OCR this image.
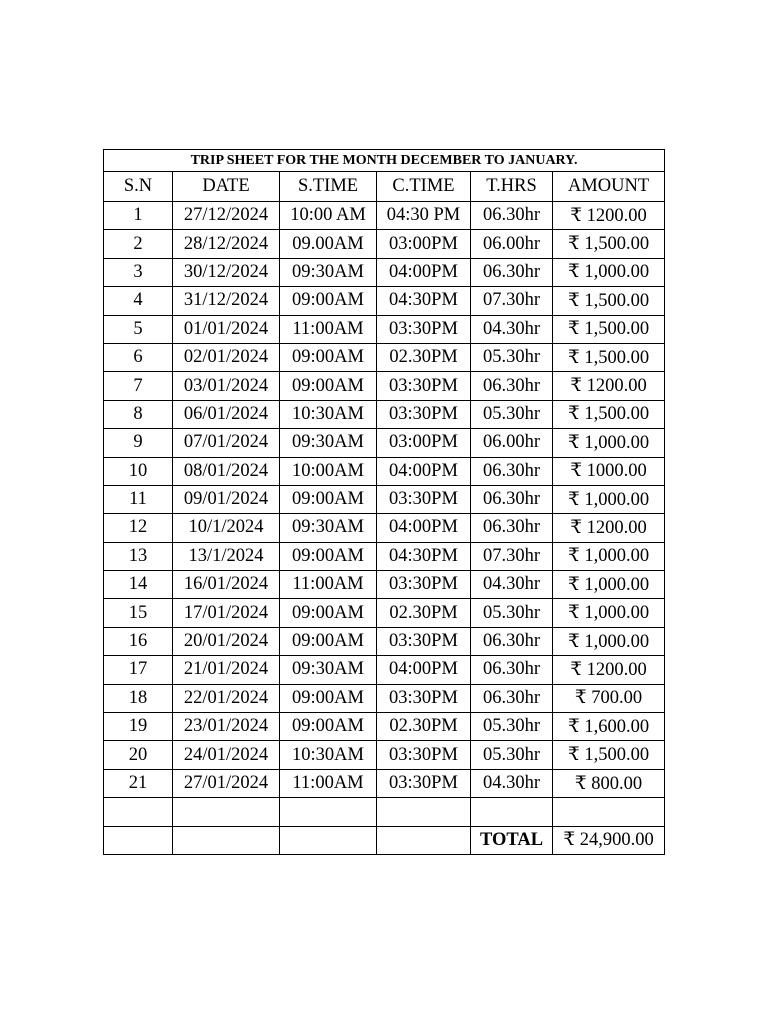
TRIP SHEET FOR THE MONTH DECEMBER TO JANUARY.					
S.N	DATE	S.TIME	C.TIME	T.HRS	AMOUNT
1	27/12/2024	10:00 AM	04:30 PM	06.30hr	₹ 1200.00
2	28/12/2024	09.00AM	03:00PM	06.00hr	₹ 1,500.00
3	30/12/2024	09:30AM	04:00PM	06.30hr	₹ 1,000.00
4	31/12/2024	09:00AM	04:30PM	07.30hr	₹ 1,500.00
5	01/01/2024	11:00AM	03:30PM	04.30hr	₹ 1,500.00
6	02/01/2024	09:00AM	02.30PM	05.30hr	₹ 1,500.00
7	03/01/2024	09:00AM	03:30PM	06.30hr	₹ 1200.00
8	06/01/2024	10:30AM	03:30PM	05.30hr	₹ 1,500.00
9	07/01/2024	09:30AM	03:00PM	06.00hr	₹ 1,000.00
10	08/01/2024	10:00AM	04:00PM	06.30hr	₹ 1000.00
11	09/01/2024	09:00AM	03:30PM	06.30hr	₹ 1,000.00
12	10/1/2024	09:30AM	04:00PM	06.30hr	₹ 1200.00
13	13/1/2024	09:00AM	04:30PM	07.30hr	₹ 1,000.00
14	16/01/2024	11:00AM	03:30PM	04.30hr	₹ 1,000.00
15	17/01/2024	09:00AM	02.30PM	05.30hr	₹ 1,000.00
16	20/01/2024	09:00AM	03:30PM	06.30hr	₹ 1,000.00
17	21/01/2024	09:30AM	04:00PM	06.30hr	₹ 1200.00
18	22/01/2024	09:00AM	03:30PM	06.30hr	₹ 700.00
19	23/01/2024	09:00AM	02.30PM	05.30hr	₹ 1,600.00
20	24/01/2024	10:30AM	03:30PM	05.30hr	₹ 1,500.00
21	27/01/2024	11:00AM	03:30PM	04.30hr	₹ 800.00

				TOTAL	₹ 24,900.00
